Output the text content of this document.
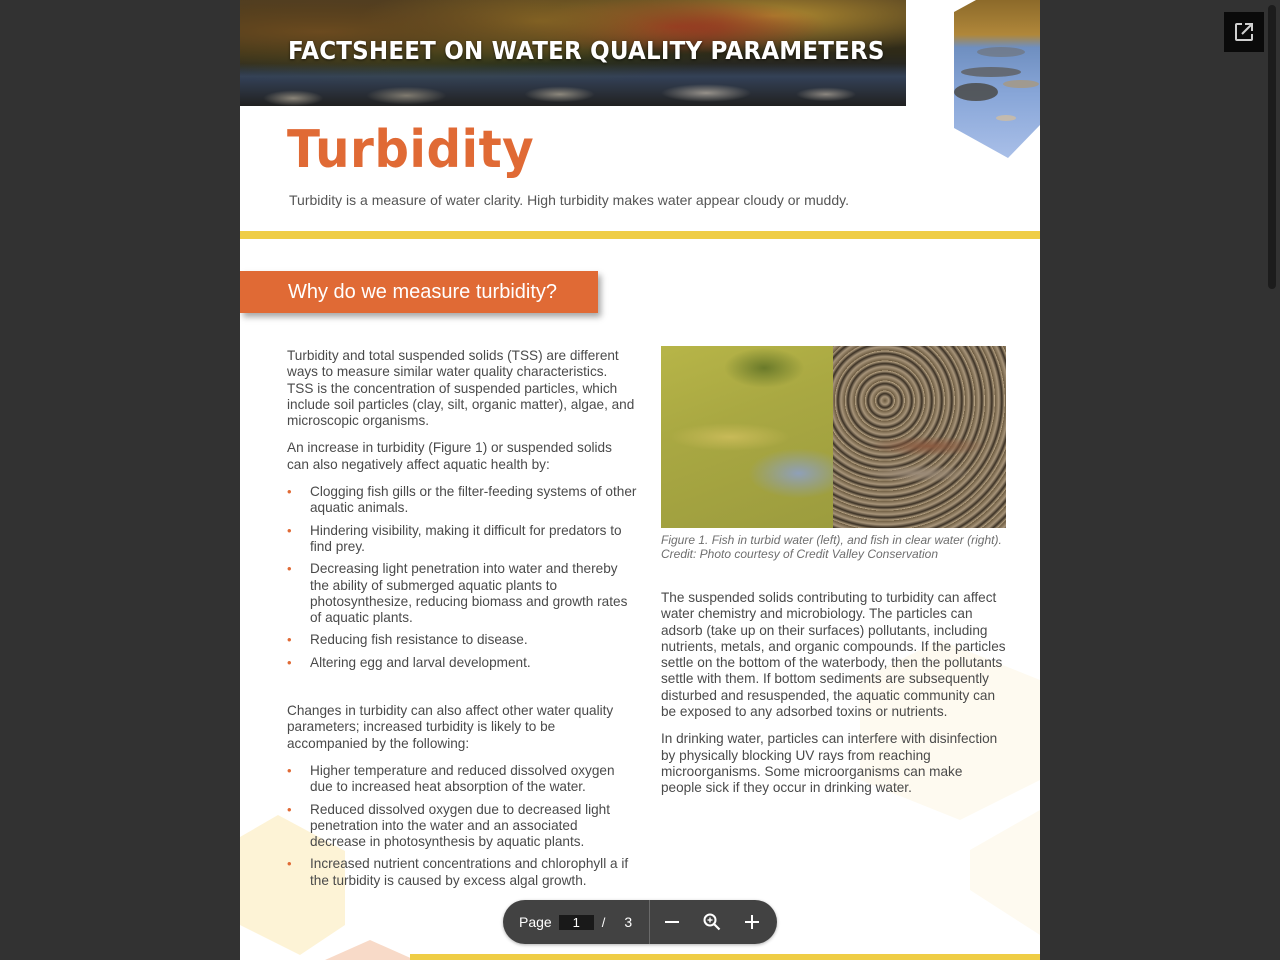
FACTSHEET ON WATER QUALITY PARAMETERS
Turbidity
Turbidity is a measure of water clarity. High turbidity makes water appear cloudy or muddy.
Why do we measure turbidity?

Turbidity and total suspended solids (TSS) are different ways to measure similar water quality characteristics. TSS is the concentration of suspended particles, which include soil particles (clay, silt, organic matter), algae, and microscopic organisms.

An increase in turbidity (Figure 1) or suspended solids can also negatively affect aquatic health by:

• Clogging fish gills or the filter-feeding systems of other aquatic animals.
• Hindering visibility, making it difficult for predators to find prey.
• Decreasing light penetration into water and thereby the ability of submerged aquatic plants to photosynthesize, reducing biomass and growth rates of aquatic plants.
• Reducing fish resistance to disease.
• Altering egg and larval development.

Changes in turbidity can also affect other water quality parameters; increased turbidity is likely to be accompanied by the following:

• Higher temperature and reduced dissolved oxygen due to increased heat absorption of the water.
• Reduced dissolved oxygen due to decreased light penetration into the water and an associated decrease in photosynthesis by aquatic plants.
• Increased nutrient concentrations and chlorophyll a if the turbidity is caused by excess algal growth.
Figure 1. Fish in turbid water (left), and fish in clear water (right).
Credit: Photo courtesy of Credit Valley Conservation

The suspended solids contributing to turbidity can affect water chemistry and microbiology. The particles can adsorb (take up on their surfaces) pollutants, including nutrients, metals, and organic compounds. If the particles settle on the bottom of the waterbody, then the pollutants settle with them. If bottom sediments are subsequently disturbed and resuspended, the aquatic community can be exposed to any adsorbed toxins or nutrients.

In drinking water, particles can interfere with disinfection by physically blocking UV rays from reaching microorganisms. Some microorganisms can make people sick if they occur in drinking water.

Page
1	/ 3
